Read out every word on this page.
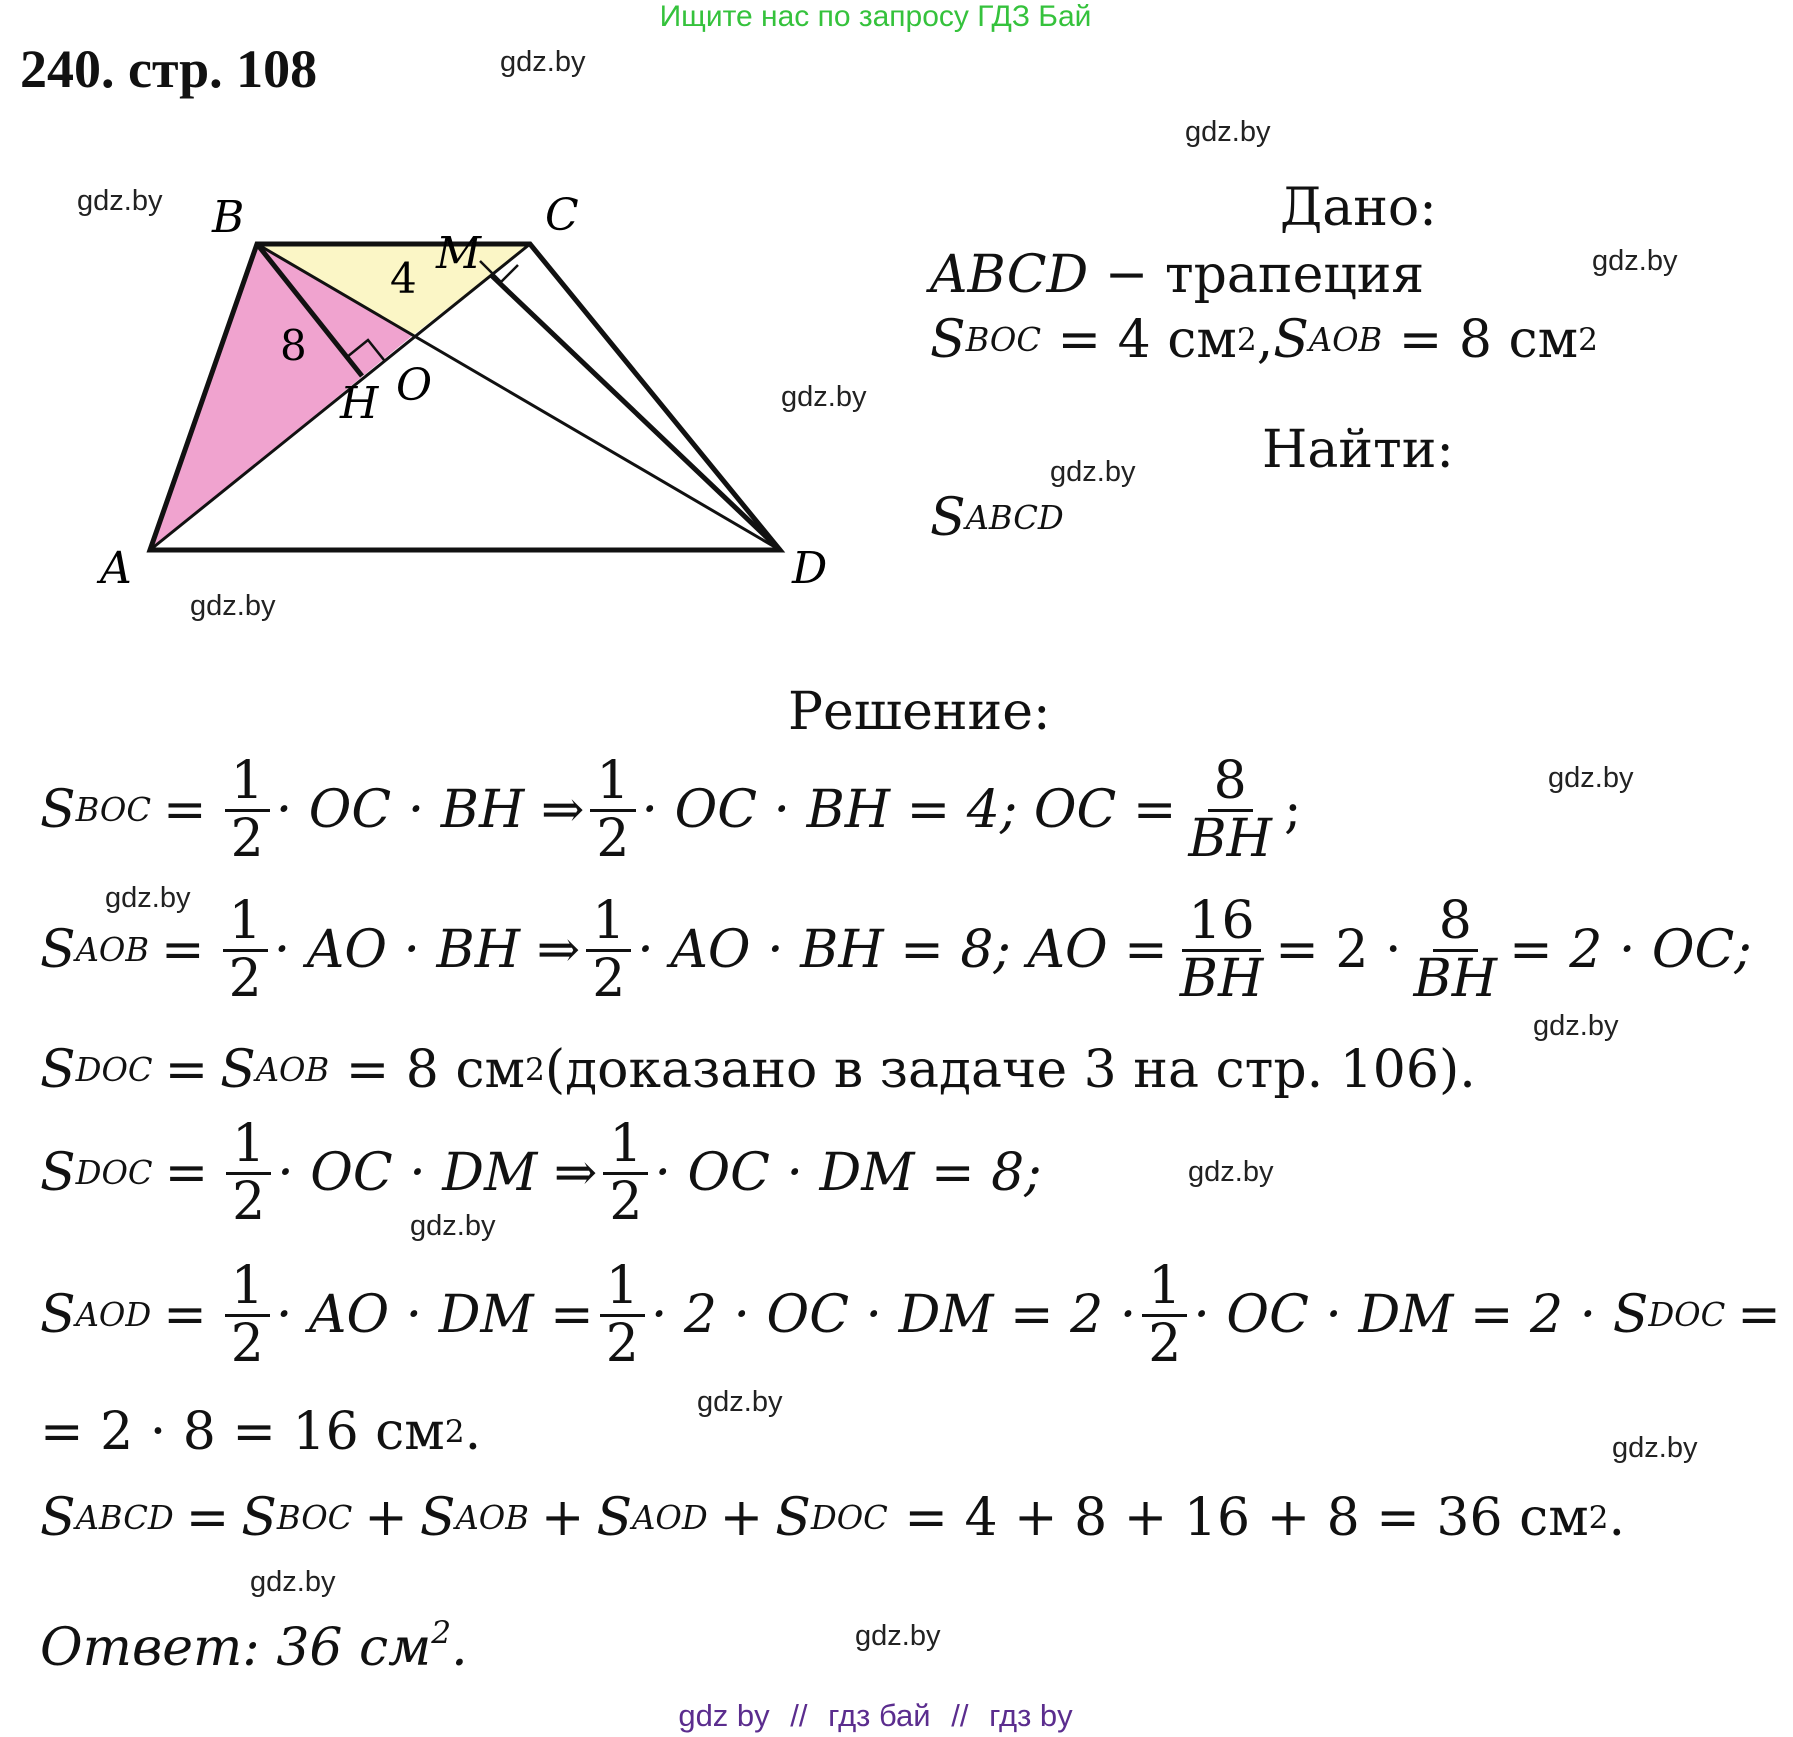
Ищите нас по запросу ГДЗ Бай
240. стр. 108	gdz.by
gdz.by
gdz.by
gdz.by
gdz.by
gdz.by
gdz.by
gdz.by
gdz.by
gdz.by
gdz.by
gdz.by
gdz.by
gdz.by
gdz.by
gdz.by
B	C
A	D
H O
M
4
8
Дано:
ABCD
− трапеция
S BOC
= 4 см 2 , S AOB
= 8 см 2
Найти:
S ABCD
Решение:
S BOC = $\frac{1}{2}$ · OC · BH ⇒ $\frac{1}{2}$ · OC · BH = 4; OC = $\frac{8}{BH}$ ;
S AOB = $\frac{1}{2}$ · AO · BH ⇒ $\frac{1}{2}$ · AO · BH = 8; AO = $\frac{16}{BH} = 2 \cdot \frac{8}{BH} = 2$ · OC;
S DOC = S AOB
= 8 см 2 (доказано в задаче 3 на стр. 106).
S DOC = $\frac{1}{2}$ · OC · DM ⇒ $\frac{1}{2}$ · OC · DM = 8;
S AOD = $\frac{1}{2}$ · AO · DM = $\frac{1}{2} \cdot 2$ · OC · DM = $2 \cdot \frac{1}{2}$ · OC · DM = 2 ·
S DOC =
= 2 · 8 = 16 см 2 .
S ABCD = S BOC + S AOB + S AOD + S DOC
= 4 + 8 + 16 + 8 = 36 см 2 .
Ответ: 36 $см^2$.
gdz by // гдз бай // гдз by
